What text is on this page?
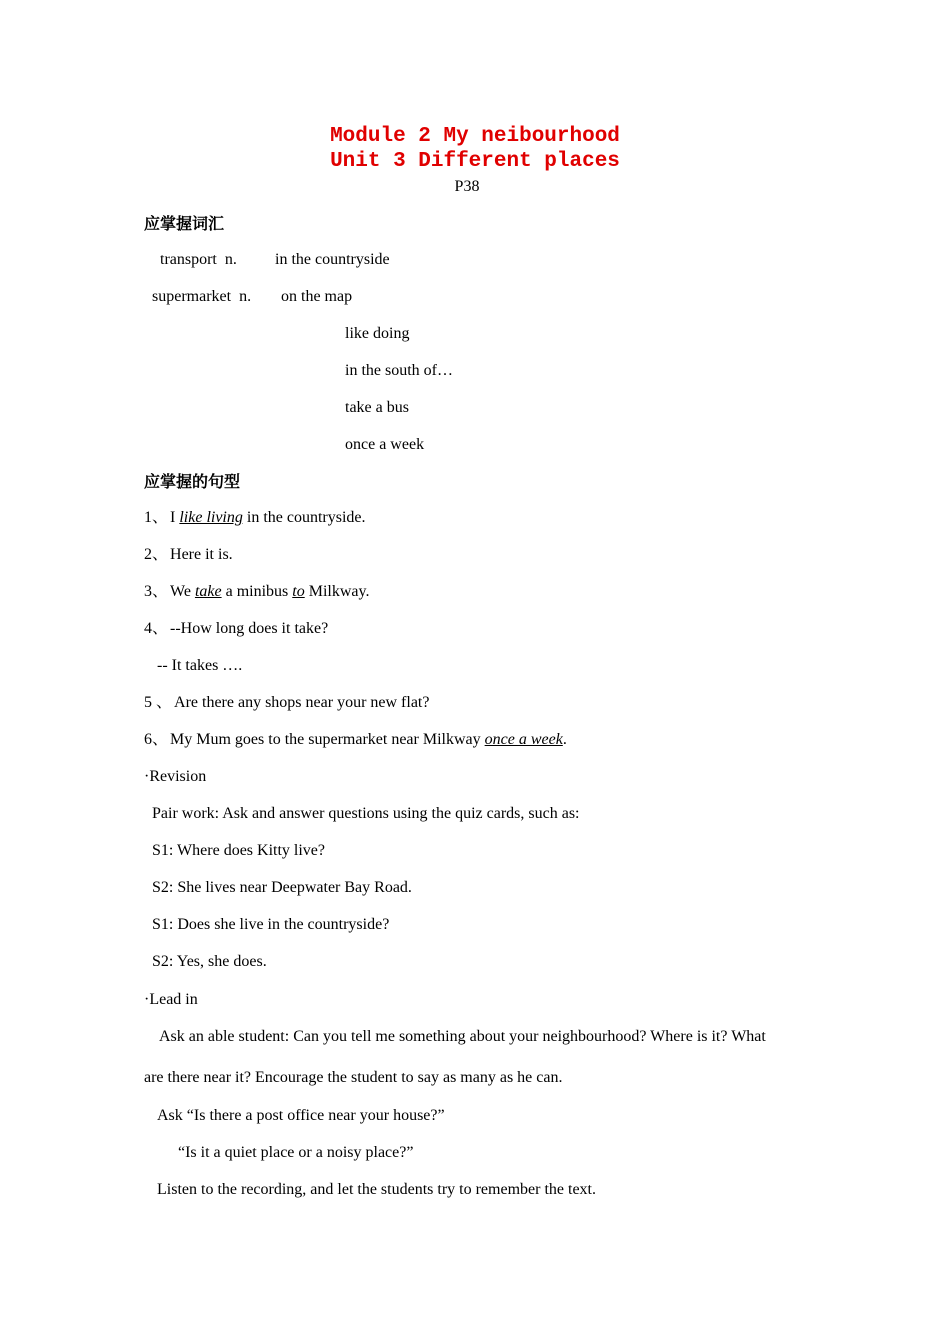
Module 2 My neibourhood
Unit 3 Different places
P38
应掌握词汇
transport n. in the countryside
supermarket n. on the map
like doing
in the south of…
take a bus
once a week
应掌握的句型
1、 I like living in the countryside.
2、 Here it is.
3、 We take a minibus to Milkway.
4、 --How long does it take?
-- It takes ….
5 、 Are there any shops near your new flat?
6、 My Mum goes to the supermarket near Milkway once a week.
·Revision
Pair work: Ask and answer questions using the quiz cards, such as:
S1: Where does Kitty live?
S2: She lives near Deepwater Bay Road.
S1: Does she live in the countryside?
S2: Yes, she does.
·Lead in
Ask an able student: Can you tell me something about your neighbourhood? Where is it? What
are there near it? Encourage the student to say as many as he can.
Ask “Is there a post office near your house?”
“Is it a quiet place or a noisy place?”
Listen to the recording, and let the students try to remember the text.
